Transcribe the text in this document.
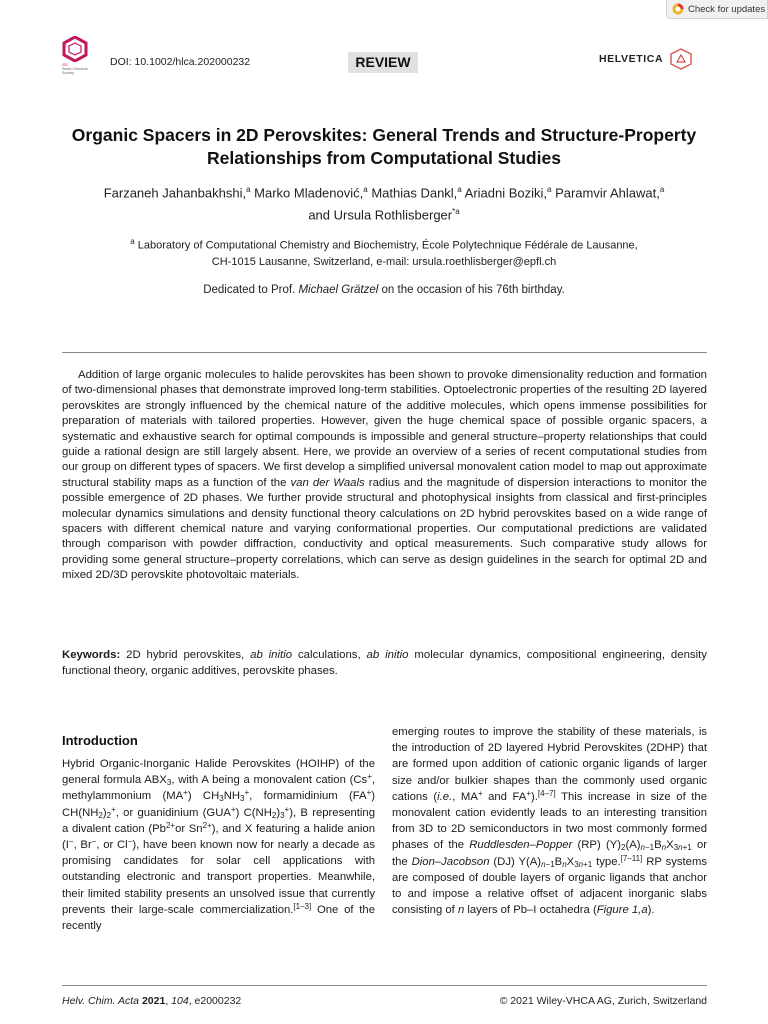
Check for updates
ISS
Swiss Chemical Society
DOI: 10.1002/hlca.202000232	REVIEW	HELVETICA
Organic Spacers in 2D Perovskites: General Trends and Structure-Property Relationships from Computational Studies
Farzaneh Jahanbakhshi,$^a$ Marko Mladenović,$^a$ Mathias Dankl,$^a$ Ariadni Boziki,$^a$ Paramvir Ahlawat,$^a$
and Ursula Rothlisberger$^{*a}$
$^a$ Laboratory of Computational Chemistry and Biochemistry, École Polytechnique Fédérale de Lausanne,
CH-1015 Lausanne, Switzerland, e-mail: ursula.roethlisberger@epfl.ch
Dedicated to Prof. Michael Grätzel on the occasion of his 76th birthday.
Addition of large organic molecules to halide perovskites has been shown to provoke dimensionality reduction and formation of two-dimensional phases that demonstrate improved long-term stabilities. Optoelectronic properties of the resulting 2D layered perovskites are strongly influenced by the chemical nature of the additive molecules, which opens immense possibilities for preparation of materials with tailored properties. However, given the huge chemical space of possible organic spacers, a systematic and exhaustive search for optimal compounds is impossible and general structure–property relationships that could guide a rational design are still largely absent. Here, we provide an overview of a series of recent computational studies from our group on different types of spacers. We first develop a simplified universal monovalent cation model to map out approximate structural stability maps as a function of the van der Waals radius and the magnitude of dispersion interactions to monitor the possible emergence of 2D phases. We further provide structural and photophysical insights from classical and first-principles molecular dynamics simulations and density functional theory calculations on 2D hybrid perovskites based on a wide range of spacers with different chemical nature and varying conformational properties. Our computational predictions are validated through comparison with powder diffraction, conductivity and optical measurements. Such comparative study allows for providing some general structure–property correlations, which can serve as design guidelines in the search for optimal 2D and mixed 2D/3D perovskite photovoltaic materials.
Keywords: 2D hybrid perovskites, ab initio calculations, ab initio molecular dynamics, compositional engineering, density functional theory, organic additives, perovskite phases.
Introduction
Hybrid Organic-Inorganic Halide Perovskites (HOIHP) of the general formula $ABX_3$, with A being a monovalent cation (Cs+, methylammonium (MA+) $CH_3NH_3^+$, formamidinium (FA+) $CH(NH_2)_2^+$, or guanidinium (GUA+) $C(NH_2)_3^+$), B representing a divalent cation ($Pb^{2+}or$ $Sn^{2+}$), and X featuring a halide anion (I−, Br−, or Cl−), have been known now for nearly a decade as promising candidates for solar cell applications with outstanding electronic and transport properties. Meanwhile, their limited stability presents an unsolved issue that currently prevents their large-scale commercialization.[1–3] One of the recently
emerging routes to improve the stability of these materials, is the introduction of 2D layered Hybrid Perovskites (2DHP) that are formed upon addition of cationic organic ligands of larger size and/or bulkier shapes than the commonly used organic cations (i.e., MA+ and FA+).[4–7] This increase in size of the monovalent cation evidently leads to an interesting transition from 3D to 2D semiconductors in two most commonly formed phases of the Ruddlesden–Popper (RP) $(Y)_2(A)_{n-1}B_nX_{3n+1}$ or the Dion–Jacobson (DJ) $Y(A)_{n-1}B_nX_{3n+1}$ type.[7–11] RP systems are composed of double layers of organic ligands that anchor to and impose a relative offset of adjacent inorganic slabs consisting of n layers of Pb–I octahedra (Figure 1,a).
Helv. Chim. Acta 2021, 104, e2000232	© 2021 Wiley-VHCA AG, Zurich, Switzerland
